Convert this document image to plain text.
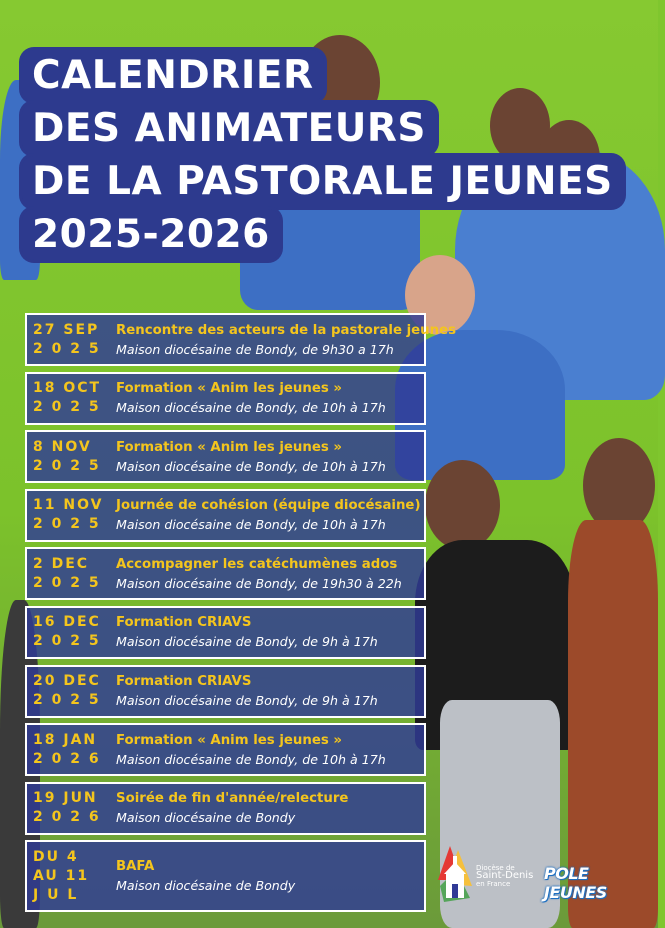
CALENDRIER
DES ANIMATEURS
DE LA PASTORALE JEUNES
2025-2026
27 SEP
2 0 2 5
Rencontre des acteurs de la pastorale jeunes
Maison diocésaine de Bondy, de 9h30 a 17h
18 OCT
2 0 2 5
Formation « Anim les jeunes »
Maison diocésaine de Bondy, de 10h à 17h
8 NOV
2 0 2 5
Formation « Anim les jeunes »
Maison diocésaine de Bondy, de 10h à 17h
11 NOV
2 0 2 5
Journée de cohésion (équipe diocésaine)
Maison diocésaine de Bondy, de 10h à 17h
2 DEC
2 0 2 5
Accompagner les catéchumènes ados
Maison diocésaine de Bondy, de 19h30 à 22h
16 DEC
2 0 2 5
Formation CRIAVS
Maison diocésaine de Bondy, de 9h à 17h
20 DEC
2 0 2 5
Formation CRIAVS
Maison diocésaine de Bondy, de 9h à 17h
18 JAN
2 0 2 6
Formation « Anim les jeunes »
Maison diocésaine de Bondy, de 10h à 17h
19 JUN
2 0 2 6
Soirée de fin d'année/relecture
Maison diocésaine de Bondy
DU 4
AU 11
J U L
BAFA
Maison diocésaine de Bondy
Diocèse de
Saint-Denis
en France
POLE JEUNES
